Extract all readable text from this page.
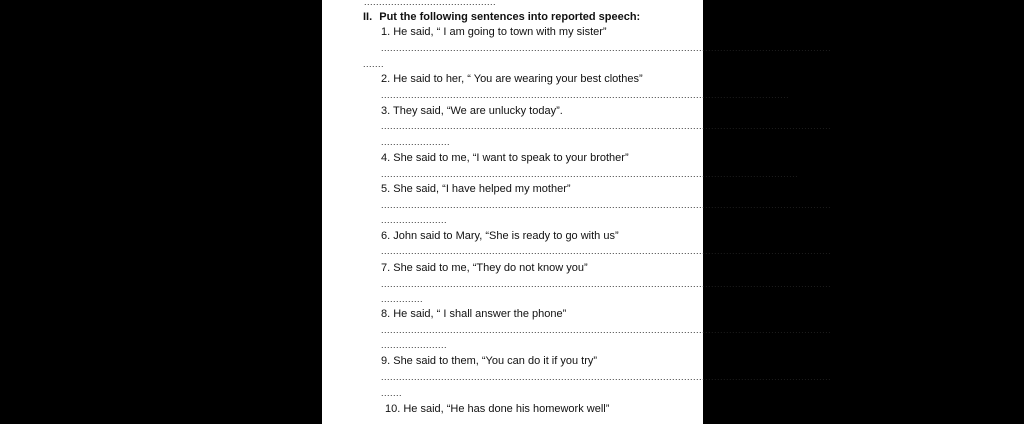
............................................
II. Put the following sentences into reported speech:
1. He said, “ I am going to town with my sister”
......................................................................................................................................................
.......
2. He said to her, “ You are wearing your best clothes”
........................................................................................................................................
3. They said, “We are unlucky today”.
......................................................................................................................................................
.......................
4. She said to me, “I want to speak to your brother”
...........................................................................................................................................
5. She said, “I have helped my mother”
......................................................................................................................................................
......................
6. John said to Mary, “She is ready to go with us”
......................................................................................................................................................
7. She said to me, “They do not know you”
......................................................................................................................................................
..............
8. He said, “ I shall answer the phone”
......................................................................................................................................................
......................
9. She said to them, “You can do it if you try”
......................................................................................................................................................
.......
10. He said, “He has done his homework well”
